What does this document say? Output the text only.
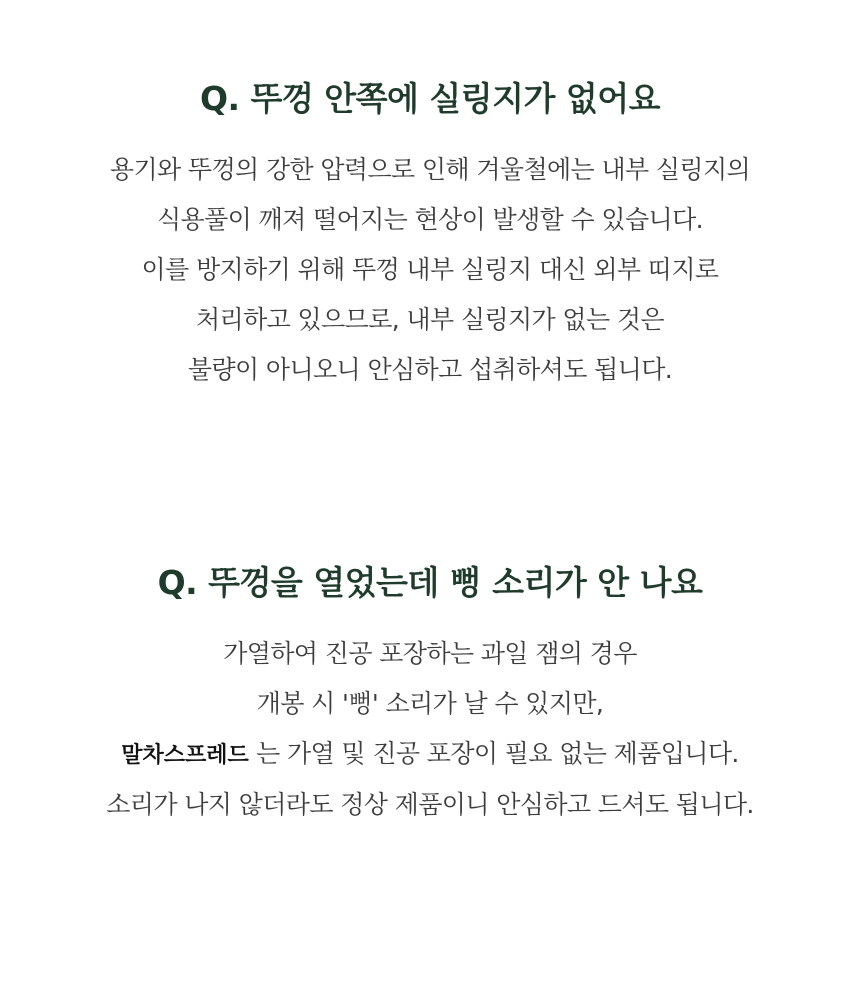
Q. 뚜껑 안쪽에 실링지가 없어요
용기와 뚜껑의 강한 압력으로 인해 겨울철에는 내부 실링지의
식용풀이 깨져 떨어지는 현상이 발생할 수 있습니다.
이를 방지하기 위해 뚜껑 내부 실링지 대신 외부 띠지로
처리하고 있으므로, 내부 실링지가 없는 것은
불량이 아니오니 안심하고 섭취하셔도 됩니다.
Q. 뚜껑을 열었는데 뻥 소리가 안 나요
가열하여 진공 포장하는 과일 잼의 경우
개봉 시 '뻥' 소리가 날 수 있지만,
말차스프레드 는 가열 및 진공 포장이 필요 없는 제품입니다.
소리가 나지 않더라도 정상 제품이니 안심하고 드셔도 됩니다.
